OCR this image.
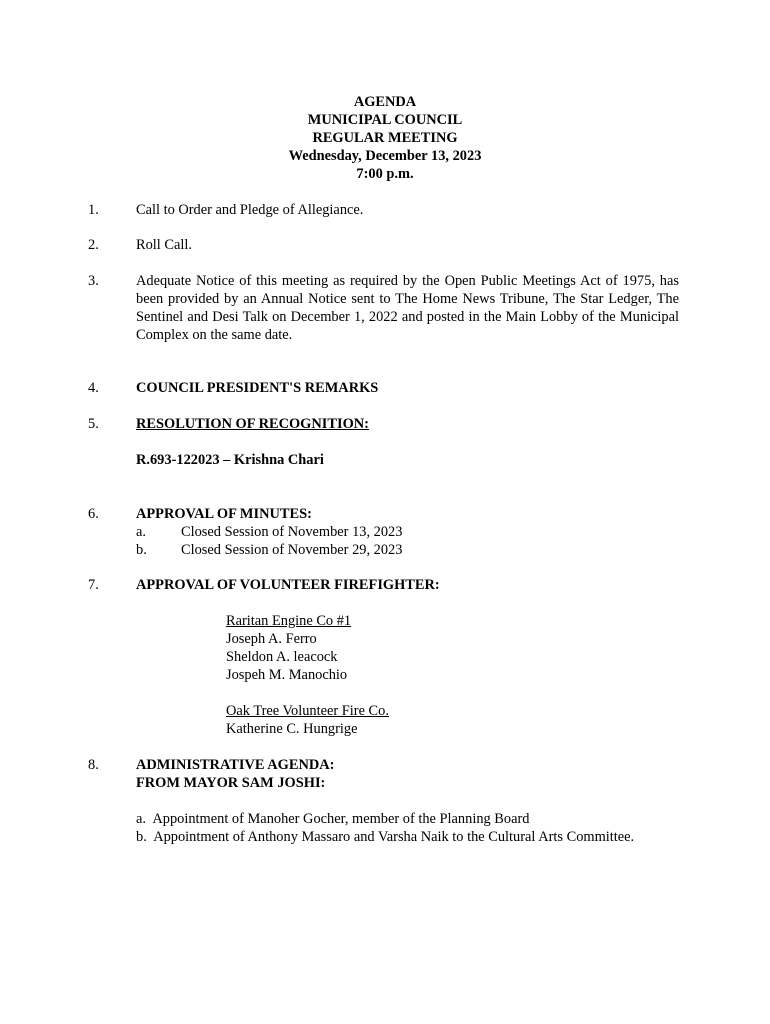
AGENDA
MUNICIPAL COUNCIL
REGULAR MEETING
Wednesday, December 13, 2023
7:00 p.m.
1.	Call to Order and Pledge of Allegiance.
2.	Roll Call.
3.	Adequate Notice of this meeting as required by the Open Public Meetings Act of 1975, has been provided by an Annual Notice sent to The Home News Tribune, The Star Ledger, The Sentinel and Desi Talk on December 1, 2022 and posted in the Main Lobby of the Municipal Complex on the same date.
4.	COUNCIL PRESIDENT'S REMARKS
5.	RESOLUTION OF RECOGNITION:
R.693-122023 – Krishna Chari
6.	APPROVAL OF MINUTES:
a. Closed Session of November 13, 2023
b. Closed Session of November 29, 2023
7.	APPROVAL OF VOLUNTEER FIREFIGHTER:
Raritan Engine Co #1
Joseph A. Ferro
Sheldon A. leacock
Jospeh M. Manochio
Oak Tree Volunteer Fire Co.
Katherine C. Hungrige
8.	ADMINISTRATIVE AGENDA:
FROM MAYOR SAM JOSHI:
a.  Appointment of Manoher Gocher, member of the Planning Board
b.  Appointment of Anthony Massaro and Varsha Naik to the Cultural Arts Committee.
